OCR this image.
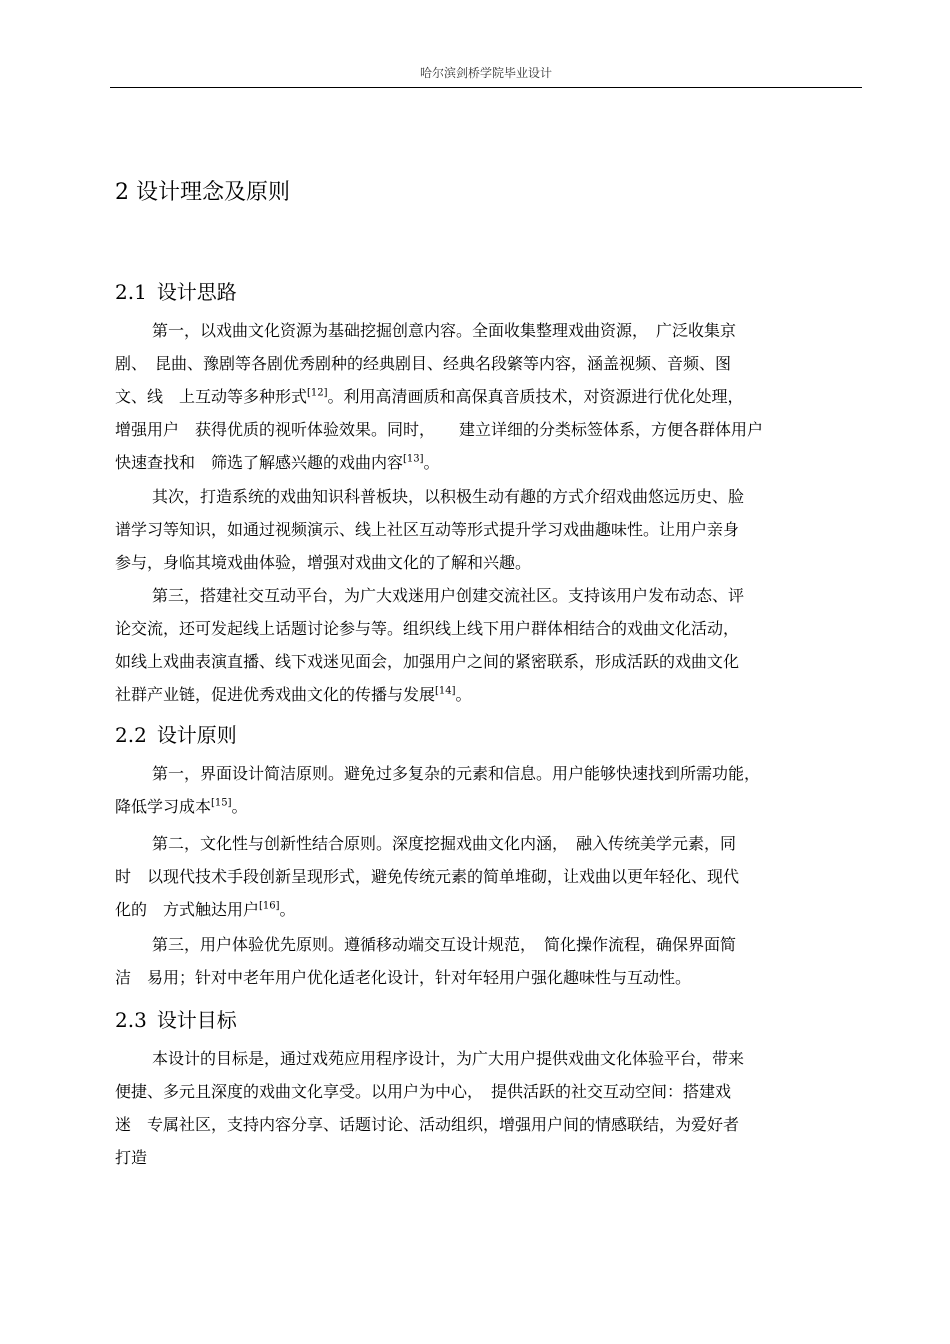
哈尔滨剑桥学院毕业设计
2 设计理念及原则
2.1 设计思路
第一，以戏曲文化资源为基础挖掘创意内容。全面收集整理戏曲资源，　广泛收集京
剧、　昆曲、豫剧等各剧优秀剧种的经典剧目、经典名段綮等内容，涵盖视频、音频、图
文、线　上互动等多种形式[12]。利用高清画质和高保真音质技术，对资源进行优化处理，
增强用户　获得优质的视听体验效果。同时，　　建立详细的分类标签体系，方便各群体用户
快速查找和　筛选了解感兴趣的戏曲内容[13]。
其次，打造系统的戏曲知识科普板块，以积极生动有趣的方式介绍戏曲悠远历史、脸
谱学习等知识，如通过视频演示、线上社区互动等形式提升学习戏曲趣味性。让用户亲身
参与，身临其境戏曲体验，增强对戏曲文化的了解和兴趣。
第三，搭建社交互动平台，为广大戏迷用户创建交流社区。支持该用户发布动态、评
论交流，还可发起线上话题讨论参与等。组织线上线下用户群体相结合的戏曲文化活动，
如线上戏曲表演直播、线下戏迷见面会，加强用户之间的紧密联系，形成活跃的戏曲文化
社群产业链，促进优秀戏曲文化的传播与发展[14]。
2.2 设计原则
第一，界面设计简洁原则。避免过多复杂的元素和信息。用户能够快速找到所需功能，
降低学习成本[15]。
第二，文化性与创新性结合原则。深度挖掘戏曲文化内涵，　融入传统美学元素，同
时　以现代技术手段创新呈现形式，避免传统元素的简单堆砌，让戏曲以更年轻化、现代
化的　方式触达用户[16]。
第三，用户体验优先原则。遵循移动端交互设计规范，　简化操作流程，确保界面简
洁　易用；针对中老年用户优化适老化设计，针对年轻用户强化趣味性与互动性。
2.3 设计目标
本设计的目标是，通过戏苑应用程序设计，为广大用户提供戏曲文化体验平台，带来
便捷、多元且深度的戏曲文化享受。以用户为中心，　提供活跃的社交互动空间：搭建戏
迷　专属社区，支持内容分享、话题讨论、活动组织，增强用户间的情感联结，为爱好者
打造
